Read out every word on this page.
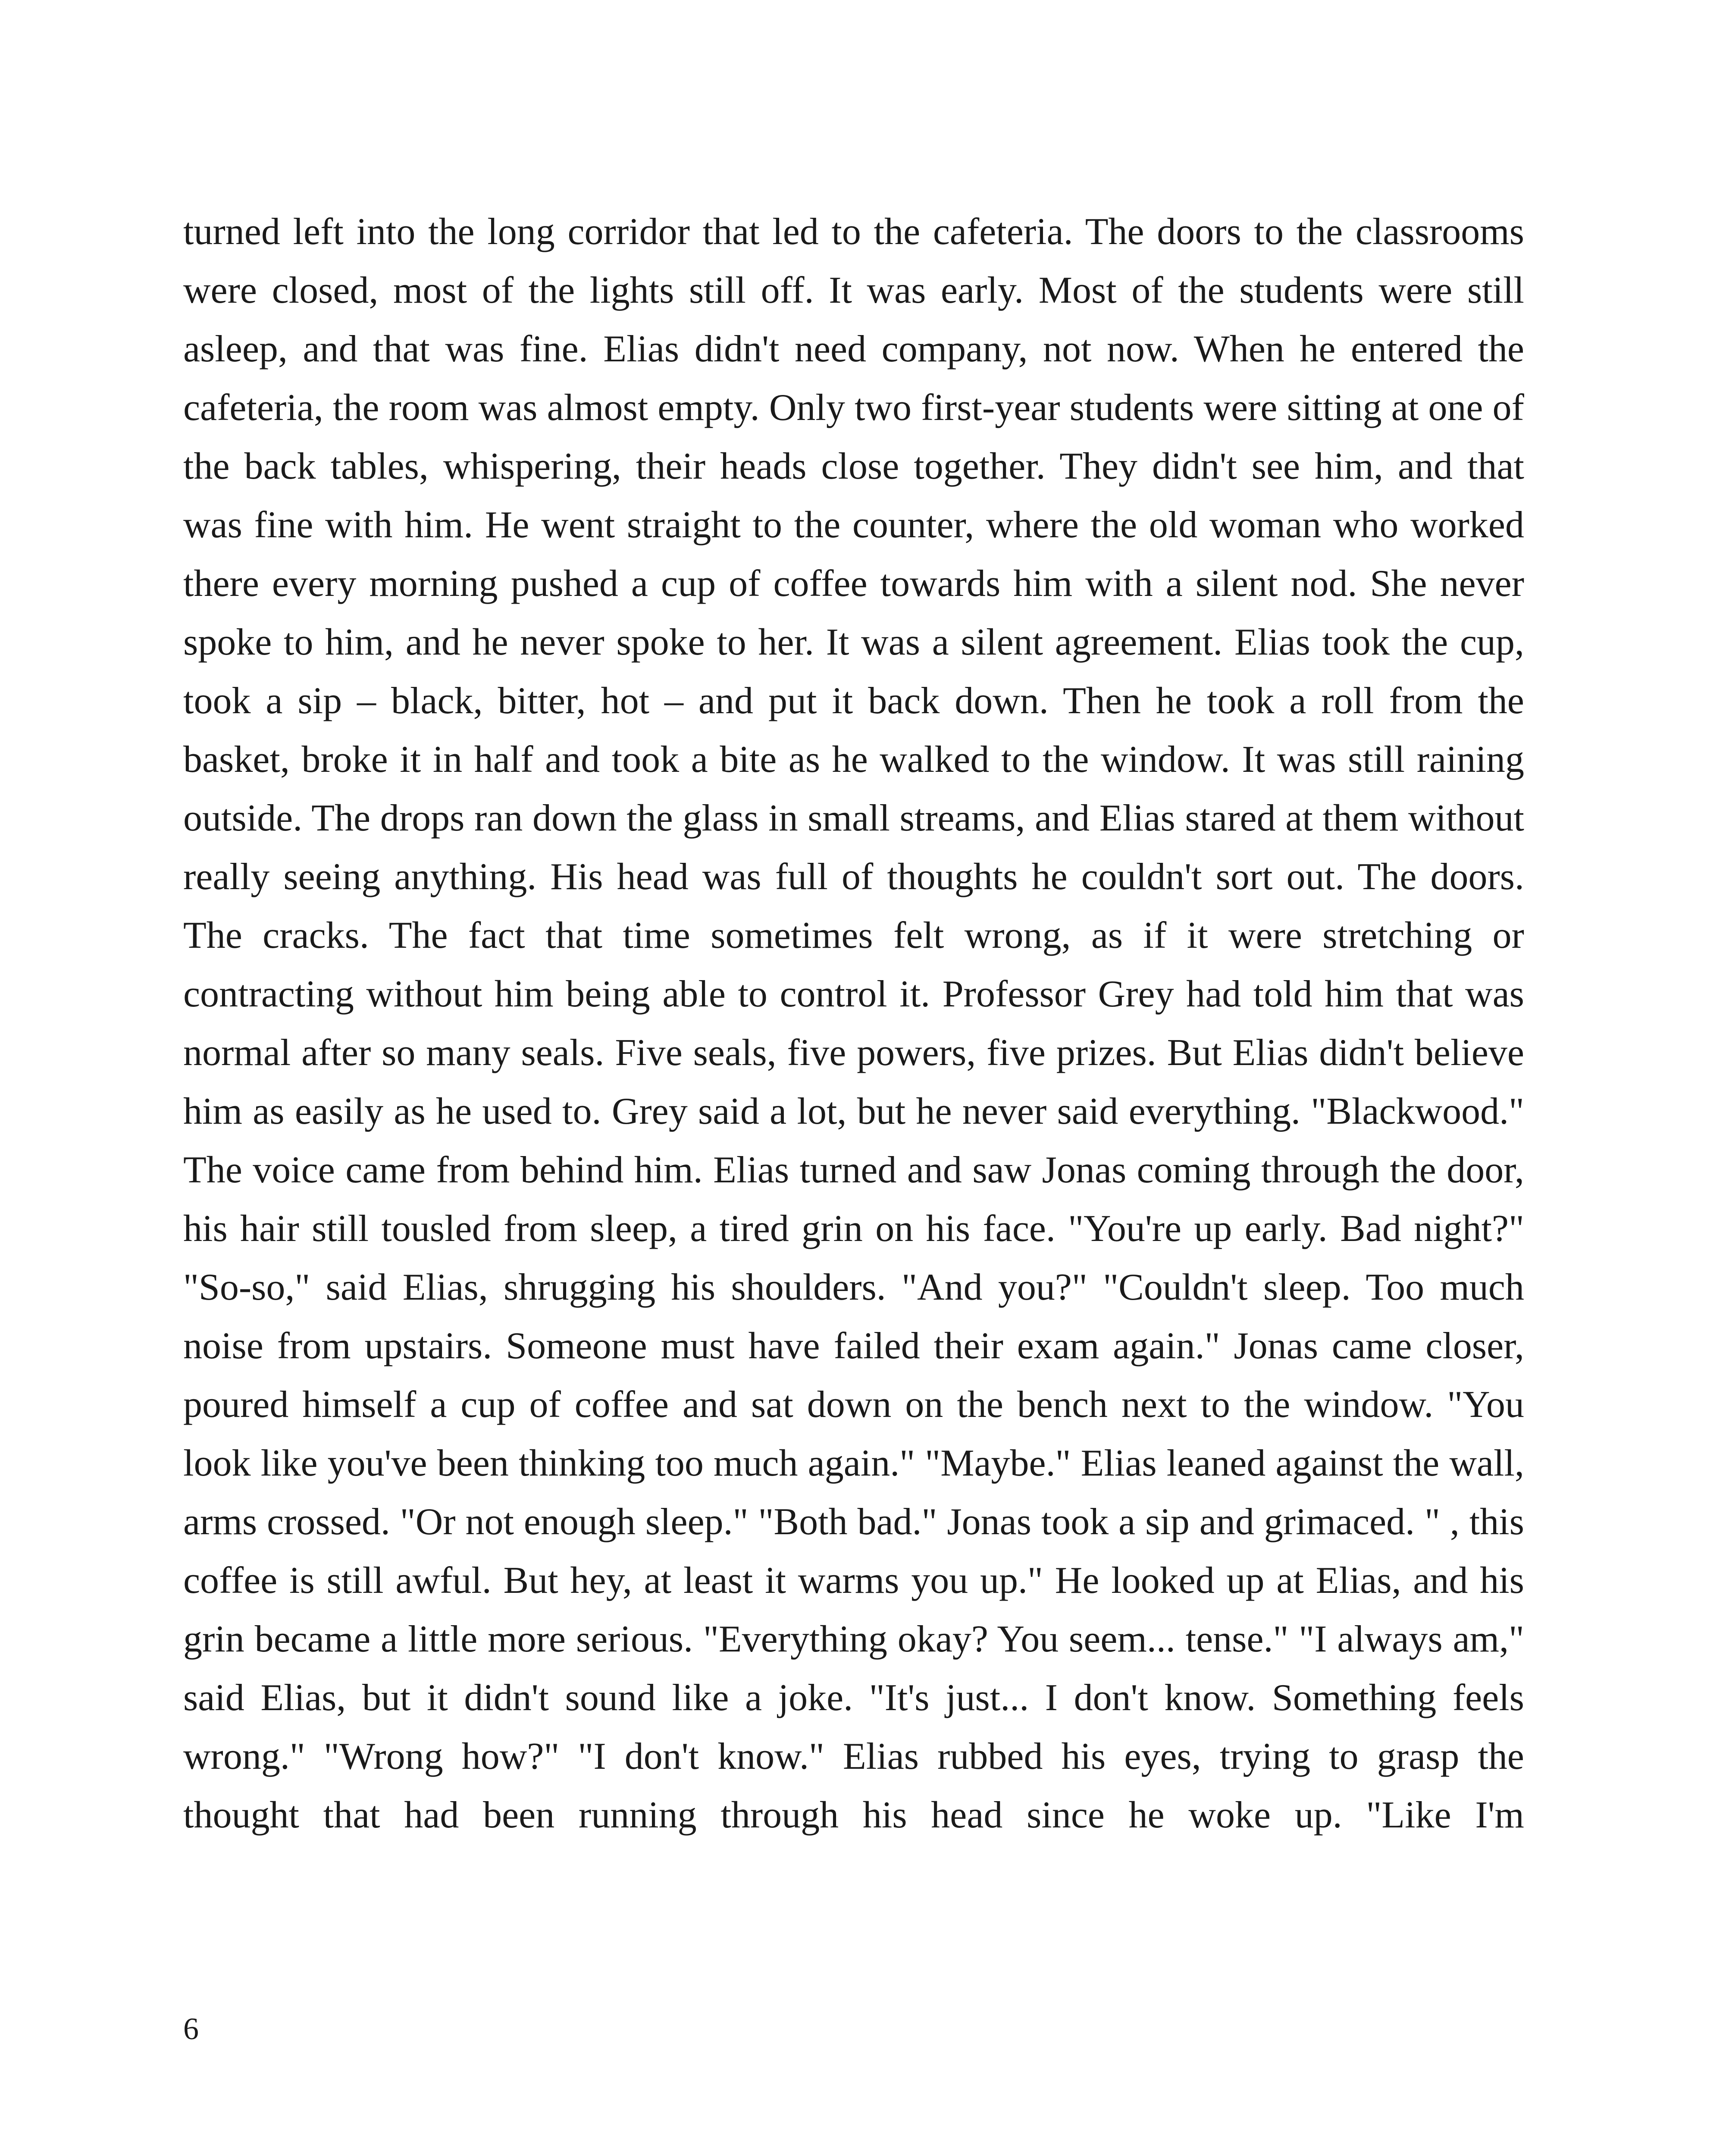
turned left into the long corridor that led to the cafeteria. The doors to the classrooms were closed, most of the lights still off. It was early. Most of the students were still asleep, and that was fine. Elias didn't need company, not now. When he entered the cafeteria, the room was almost empty. Only two first-year students were sitting at one of the back tables, whispering, their heads close together. They didn't see him, and that was fine with him. He went straight to the counter, where the old woman who worked there every morning pushed a cup of coffee towards him with a silent nod. She never spoke to him, and he never spoke to her. It was a silent agreement. Elias took the cup, took a sip – black, bitter, hot – and put it back down. Then he took a roll from the basket, broke it in half and took a bite as he walked to the window. It was still raining outside. The drops ran down the glass in small streams, and Elias stared at them without really seeing anything. His head was full of thoughts he couldn't sort out. The doors. The cracks. The fact that time sometimes felt wrong, as if it were stretching or contracting without him being able to control it. Professor Grey had told him that was normal after so many seals. Five seals, five powers, five prizes. But Elias didn't believe him as easily as he used to. Grey said a lot, but he never said everything. "Blackwood." The voice came from behind him. Elias turned and saw Jonas coming through the door, his hair still tousled from sleep, a tired grin on his face. "You're up early. Bad night?" "So-so," said Elias, shrugging his shoulders. "And you?" "Couldn't sleep. Too much noise from upstairs. Someone must have failed their exam again." Jonas came closer, poured himself a cup of coffee and sat down on the bench next to the window. "You look like you've been thinking too much again." "Maybe." Elias leaned against the wall, arms crossed. "Or not enough sleep." "Both bad." Jonas took a sip and grimaced. " , this coffee is still awful. But hey, at least it warms you up." He looked up at Elias, and his grin became a little more serious. "Everything okay? You seem... tense." "I always am," said Elias, but it didn't sound like a joke. "It's just... I don't know. Something feels wrong." "Wrong how?" "I don't know." Elias rubbed his eyes, trying to grasp the thought that had been running through his head since he woke up. "Like I'm

6
